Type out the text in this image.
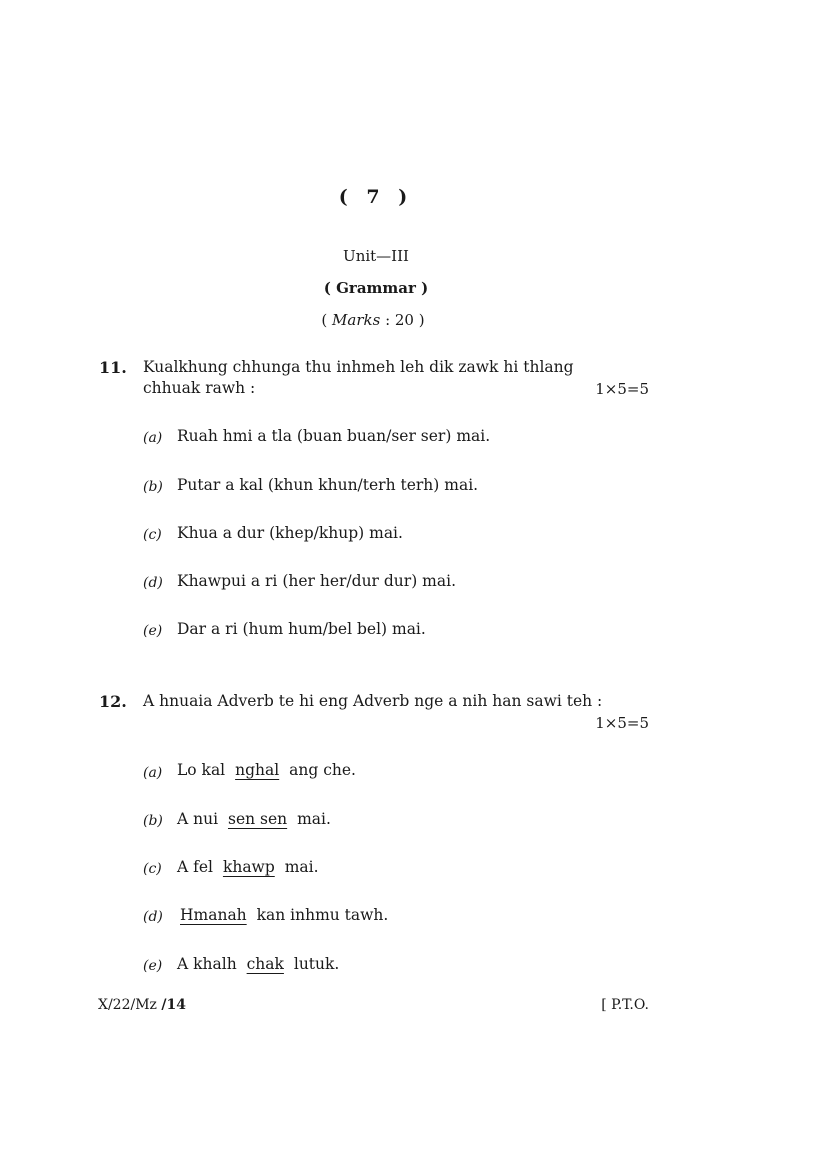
( 7 )
Unit—III
( Grammar )
( Marks : 20 )
11. Kualkhung chhunga thu inhmeh leh dik zawk hi thlang
chhuak rawh :	1×5=5
(a) Ruah hmi a tla (buan buan/ser ser) mai.
(b) Putar a kal (khun khun/terh terh) mai.
(c) Khua a dur (khep/khup) mai.
(d) Khawpui a ri (her her/dur dur) mai.
(e) Dar a ri (hum hum/bel bel) mai.
12. A hnuaia Adverb te hi eng Adverb nge a nih han sawi teh :
1×5=5
(a) Lo kal nghal ang che.
(b) A nui sen sen mai.
(c) A fel khawp mai.
(d)	Hmanah kan inhmu tawh.
(e) A khalh chak lutuk.
X/22/Mz /14	[ P.T.O.
